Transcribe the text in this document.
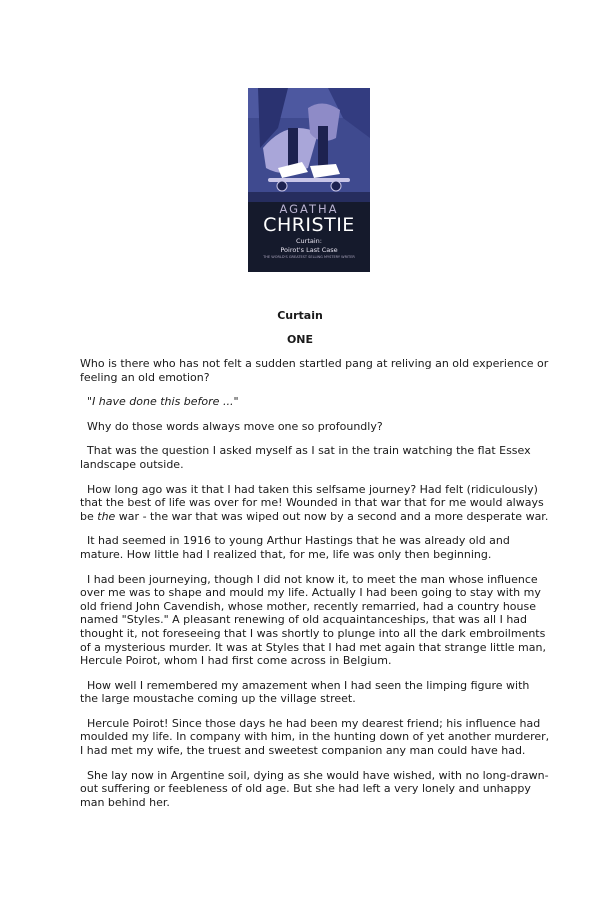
AGATHA
CHRISTIE
Curtain:
Poirot's Last Case
THE WORLD'S GREATEST SELLING MYSTERY WRITER
Curtain
ONE

Who is there who has not felt a sudden startled pang at reliving an old experience or feeling an old emotion?

"I have done this before ..."

Why do those words always move one so profoundly?

That was the question I asked myself as I sat in the train watching the flat Essex landscape outside.

How long ago was it that I had taken this selfsame journey? Had felt (ridiculously) that the best of life was over for me! Wounded in that war that for me would always be the war - the war that was wiped out now by a second and a more desperate war.

It had seemed in 1916 to young Arthur Hastings that he was already old and mature. How little had I realized that, for me, life was only then beginning.

I had been journeying, though I did not know it, to meet the man whose influence over me was to shape and mould my life. Actually I had been going to stay with my old friend John Cavendish, whose mother, recently remarried, had a country house named "Styles." A pleasant renewing of old acquaintanceships, that was all I had thought it, not foreseeing that I was shortly to plunge into all the dark embroilments of a mysterious murder. It was at Styles that I had met again that strange little man, Hercule Poirot, whom I had first come across in Belgium.

How well I remembered my amazement when I had seen the limping figure with the large moustache coming up the village street.

Hercule Poirot! Since those days he had been my dearest friend; his influence had moulded my life. In company with him, in the hunting down of yet another murderer, I had met my wife, the truest and sweetest companion any man could have had.

She lay now in Argentine soil, dying as she would have wished, with no long-drawn-out suffering or feebleness of old age. But she had left a very lonely and unhappy man behind her.
